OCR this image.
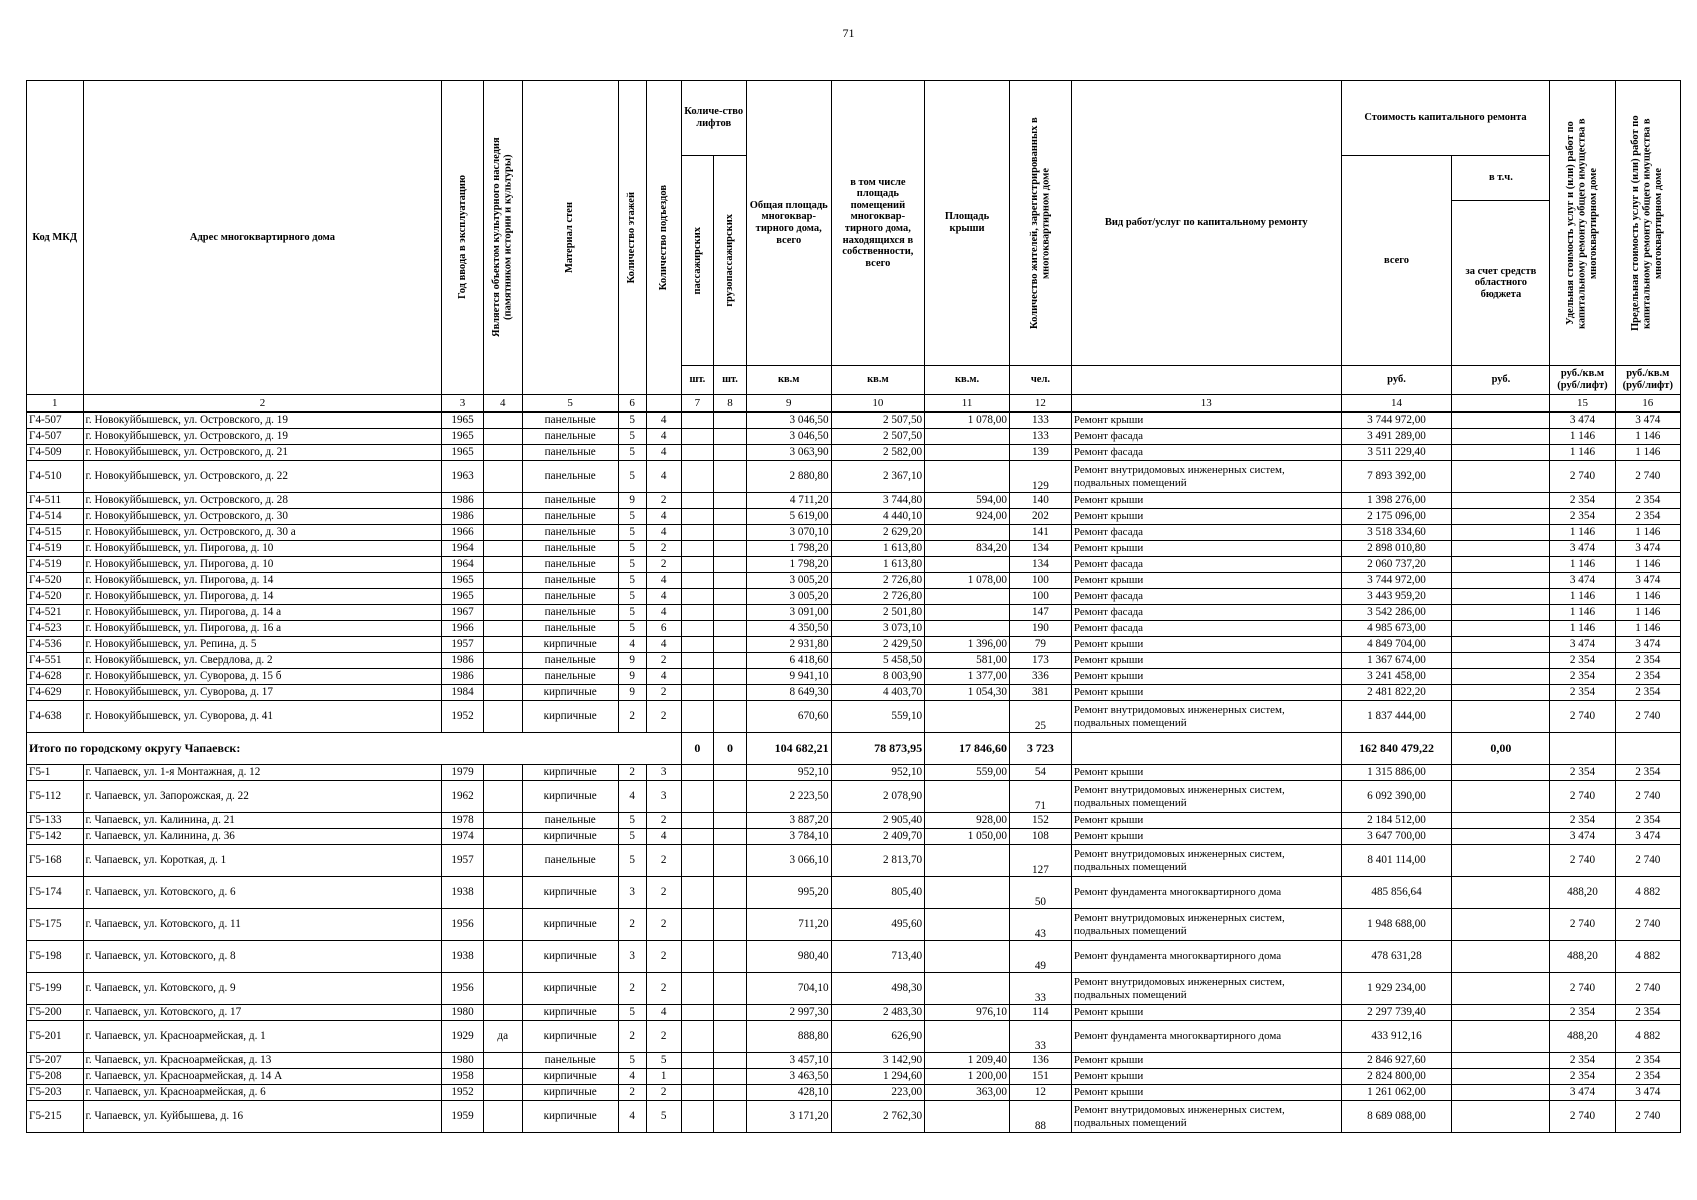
71
Код МКД	Адрес многоквартирного дома	Год ввода в эксплуатацию	Является объектом культурного наследия (памятником истории и культуры)	Материал стен	Количество этажей	Количество подъездов	Количе-ство лифтов		Общая площадь многоквар-тирного дома, всего	в том числе площадь помещений многоквар-тирного дома, находящихся в собственности, всего	Площадь крыши	Количество жителей, зарегистрированных в многоквартирном доме	Вид работ/услуг по капитальному ремонту	Стоимость капитального ремонта		Удельная стоимость услуг и (или) работ по капитальному ремонту общего имущества в многоквартирном доме	Предельная стоимость услуг и (или) работ по капитальному ремонту общего имущества в многоквартирном доме

							пассажирских	грузопассажирских						всего	в т.ч.		
															за счет средств областного бюджета		
							шт.	шт.	кв.м	кв.м	кв.м.	чел.		руб.	руб.	руб./кв.м (руб/лифт)	руб./кв.м (руб/лифт)
1	2	3	4	5	6		7	8	9	10	11	12	13	14		15	16
Г4-507	г. Новокуйбышевск, ул. Островского, д. 19	1965		панельные	5	4			3 046,50	2 507,50	1 078,00	133	Ремонт крыши	3 744 972,00		3 474	3 474
Г4-507	г. Новокуйбышевск, ул. Островского, д. 19	1965		панельные	5	4			3 046,50	2 507,50		133	Ремонт фасада	3 491 289,00		1 146	1 146
Г4-509	г. Новокуйбышевск, ул. Островского, д. 21	1965		панельные	5	4			3 063,90	2 582,00		139	Ремонт фасада	3 511 229,40		1 146	1 146
Г4-510	г. Новокуйбышевск, ул. Островского, д. 22	1963		панельные	5	4			2 880,80	2 367,10		129	Ремонт внутридомовых инженерных систем, подвальных помещений	7 893 392,00		2 740	2 740
Г4-511	г. Новокуйбышевск, ул. Островского, д. 28	1986		панельные	9	2			4 711,20	3 744,80	594,00	140	Ремонт крыши	1 398 276,00		2 354	2 354
Г4-514	г. Новокуйбышевск, ул. Островского, д. 30	1986		панельные	5	4			5 619,00	4 440,10	924,00	202	Ремонт крыши	2 175 096,00		2 354	2 354
Г4-515	г. Новокуйбышевск, ул. Островского, д. 30 а	1966		панельные	5	4			3 070,10	2 629,20		141	Ремонт фасада	3 518 334,60		1 146	1 146
Г4-519	г. Новокуйбышевск, ул. Пирогова, д. 10	1964		панельные	5	2			1 798,20	1 613,80	834,20	134	Ремонт крыши	2 898 010,80		3 474	3 474
Г4-519	г. Новокуйбышевск, ул. Пирогова, д. 10	1964		панельные	5	2			1 798,20	1 613,80		134	Ремонт фасада	2 060 737,20		1 146	1 146
Г4-520	г. Новокуйбышевск, ул. Пирогова, д. 14	1965		панельные	5	4			3 005,20	2 726,80	1 078,00	100	Ремонт крыши	3 744 972,00		3 474	3 474
Г4-520	г. Новокуйбышевск, ул. Пирогова, д. 14	1965		панельные	5	4			3 005,20	2 726,80		100	Ремонт фасада	3 443 959,20		1 146	1 146
Г4-521	г. Новокуйбышевск, ул. Пирогова, д. 14 а	1967		панельные	5	4			3 091,00	2 501,80		147	Ремонт фасада	3 542 286,00		1 146	1 146
Г4-523	г. Новокуйбышевск, ул. Пирогова, д. 16 а	1966		панельные	5	6			4 350,50	3 073,10		190	Ремонт фасада	4 985 673,00		1 146	1 146
Г4-536	г. Новокуйбышевск, ул. Репина, д. 5	1957		кирпичные	4	4			2 931,80	2 429,50	1 396,00	79	Ремонт крыши	4 849 704,00		3 474	3 474
Г4-551	г. Новокуйбышевск, ул. Свердлова, д. 2	1986		панельные	9	2			6 418,60	5 458,50	581,00	173	Ремонт крыши	1 367 674,00		2 354	2 354
Г4-628	г. Новокуйбышевск, ул. Суворова, д. 15 б	1986		панельные	9	4			9 941,10	8 003,90	1 377,00	336	Ремонт крыши	3 241 458,00		2 354	2 354
Г4-629	г. Новокуйбышевск, ул. Суворова, д. 17	1984		кирпичные	9	2			8 649,30	4 403,70	1 054,30	381	Ремонт крыши	2 481 822,20		2 354	2 354
Г4-638	г. Новокуйбышевск, ул. Суворова, д. 41	1952		кирпичные	2	2			670,60	559,10		25	Ремонт внутридомовых инженерных систем, подвальных помещений	1 837 444,00		2 740	2 740
Итого по городскому округу Чапаевск:							0	0	104 682,21	78 873,95	17 846,60	3 723		162 840 479,22	0,00		
Г5-1	г. Чапаевск, ул. 1-я Монтажная, д. 12	1979		кирпичные	2	3			952,10	952,10	559,00	54	Ремонт крыши	1 315 886,00		2 354	2 354
Г5-112	г. Чапаевск, ул. Запорожская, д. 22	1962		кирпичные	4	3			2 223,50	2 078,90		71	Ремонт внутридомовых инженерных систем, подвальных помещений	6 092 390,00		2 740	2 740
Г5-133	г. Чапаевск, ул. Калинина, д. 21	1978		панельные	5	2			3 887,20	2 905,40	928,00	152	Ремонт крыши	2 184 512,00		2 354	2 354
Г5-142	г. Чапаевск, ул. Калинина, д. 36	1974		кирпичные	5	4			3 784,10	2 409,70	1 050,00	108	Ремонт крыши	3 647 700,00		3 474	3 474
Г5-168	г. Чапаевск, ул. Короткая, д. 1	1957		панельные	5	2			3 066,10	2 813,70		127	Ремонт внутридомовых инженерных систем, подвальных помещений	8 401 114,00		2 740	2 740
Г5-174	г. Чапаевск, ул. Котовского, д. 6	1938		кирпичные	3	2			995,20	805,40		50	Ремонт фундамента многоквартирного дома	485 856,64		488,20	4 882
Г5-175	г. Чапаевск, ул. Котовского, д. 11	1956		кирпичные	2	2			711,20	495,60		43	Ремонт внутридомовых инженерных систем, подвальных помещений	1 948 688,00		2 740	2 740
Г5-198	г. Чапаевск, ул. Котовского, д. 8	1938		кирпичные	3	2			980,40	713,40		49	Ремонт фундамента многоквартирного дома	478 631,28		488,20	4 882
Г5-199	г. Чапаевск, ул. Котовского, д. 9	1956		кирпичные	2	2			704,10	498,30		33	Ремонт внутридомовых инженерных систем, подвальных помещений	1 929 234,00		2 740	2 740
Г5-200	г. Чапаевск, ул. Котовского, д. 17	1980		кирпичные	5	4			2 997,30	2 483,30	976,10	114	Ремонт крыши	2 297 739,40		2 354	2 354
Г5-201	г. Чапаевск, ул. Красноармейская, д. 1	1929	да	кирпичные	2	2			888,80	626,90		33	Ремонт фундамента многоквартирного дома	433 912,16		488,20	4 882
Г5-207	г. Чапаевск, ул. Красноармейская, д. 13	1980		панельные	5	5			3 457,10	3 142,90	1 209,40	136	Ремонт крыши	2 846 927,60		2 354	2 354
Г5-208	г. Чапаевск, ул. Красноармейская, д. 14 А	1958		кирпичные	4	1			3 463,50	1 294,60	1 200,00	151	Ремонт крыши	2 824 800,00		2 354	2 354
Г5-203	г. Чапаевск, ул. Красноармейская, д. 6	1952		кирпичные	2	2			428,10	223,00	363,00	12	Ремонт крыши	1 261 062,00		3 474	3 474
Г5-215	г. Чапаевск, ул. Куйбышева, д. 16	1959		кирпичные	4	5			3 171,20	2 762,30		88	Ремонт внутридомовых инженерных систем, подвальных помещений	8 689 088,00		2 740	2 740
